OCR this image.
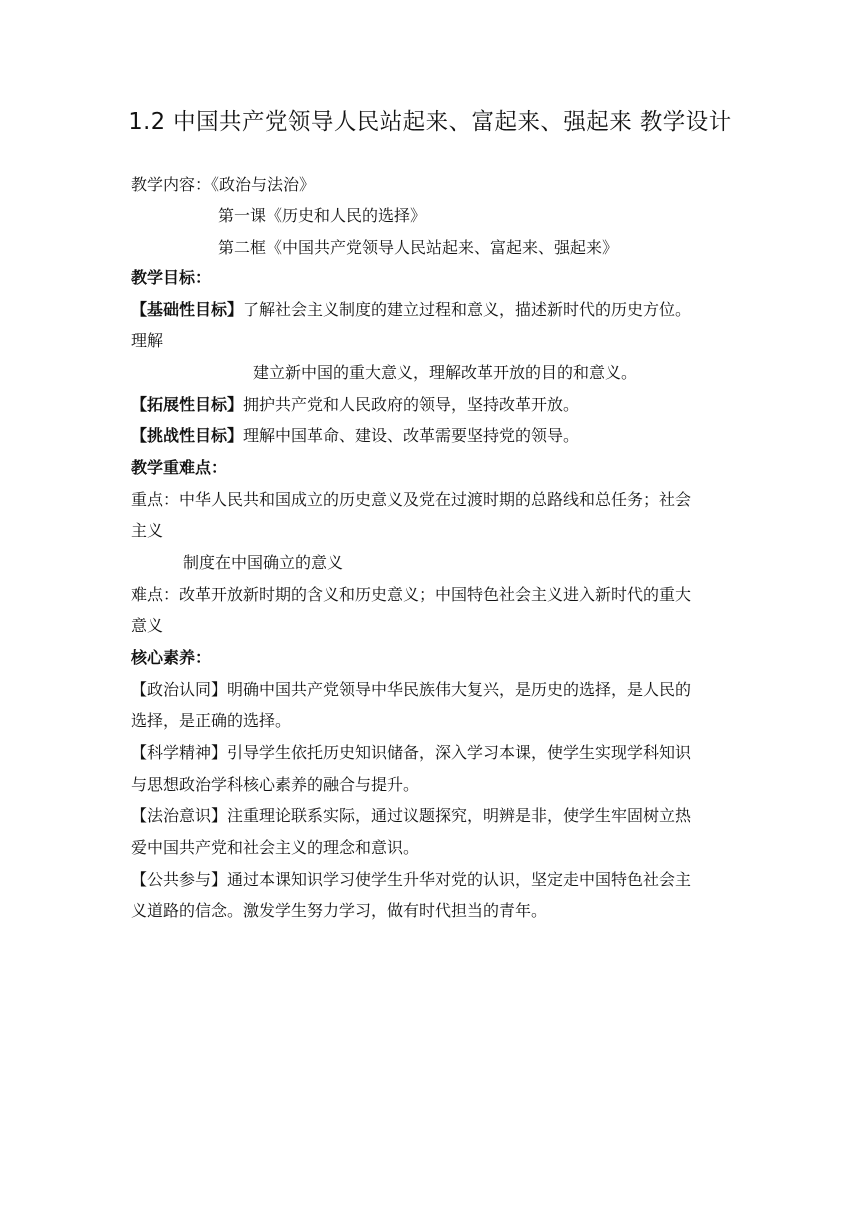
1.2 中国共产党领导人民站起来、富起来、强起来 教学设计
教学内容：《政治与法治》
第一课《历史和人民的选择》
第二框《中国共产党领导人民站起来、富起来、强起来》
教学目标：
【基础性目标】了解社会主义制度的建立过程和意义，描述新时代的历史方位。
理解
建立新中国的重大意义，理解改革开放的目的和意义。
【拓展性目标】拥护共产党和人民政府的领导，坚持改革开放。
【挑战性目标】理解中国革命、建设、改革需要坚持党的领导。
教学重难点：
重点：中华人民共和国成立的历史意义及党在过渡时期的总路线和总任务；社会
主义
制度在中国确立的意义
难点：改革开放新时期的含义和历史意义；中国特色社会主义进入新时代的重大
意义
核心素养：
【政治认同】明确中国共产党领导中华民族伟大复兴，是历史的选择，是人民的
选择，是正确的选择。
【科学精神】引导学生依托历史知识储备，深入学习本课，使学生实现学科知识
与思想政治学科核心素养的融合与提升。
【法治意识】注重理论联系实际，通过议题探究，明辨是非，使学生牢固树立热
爱中国共产党和社会主义的理念和意识。
【公共参与】通过本课知识学习使学生升华对党的认识，坚定走中国特色社会主
义道路的信念。激发学生努力学习，做有时代担当的青年。
